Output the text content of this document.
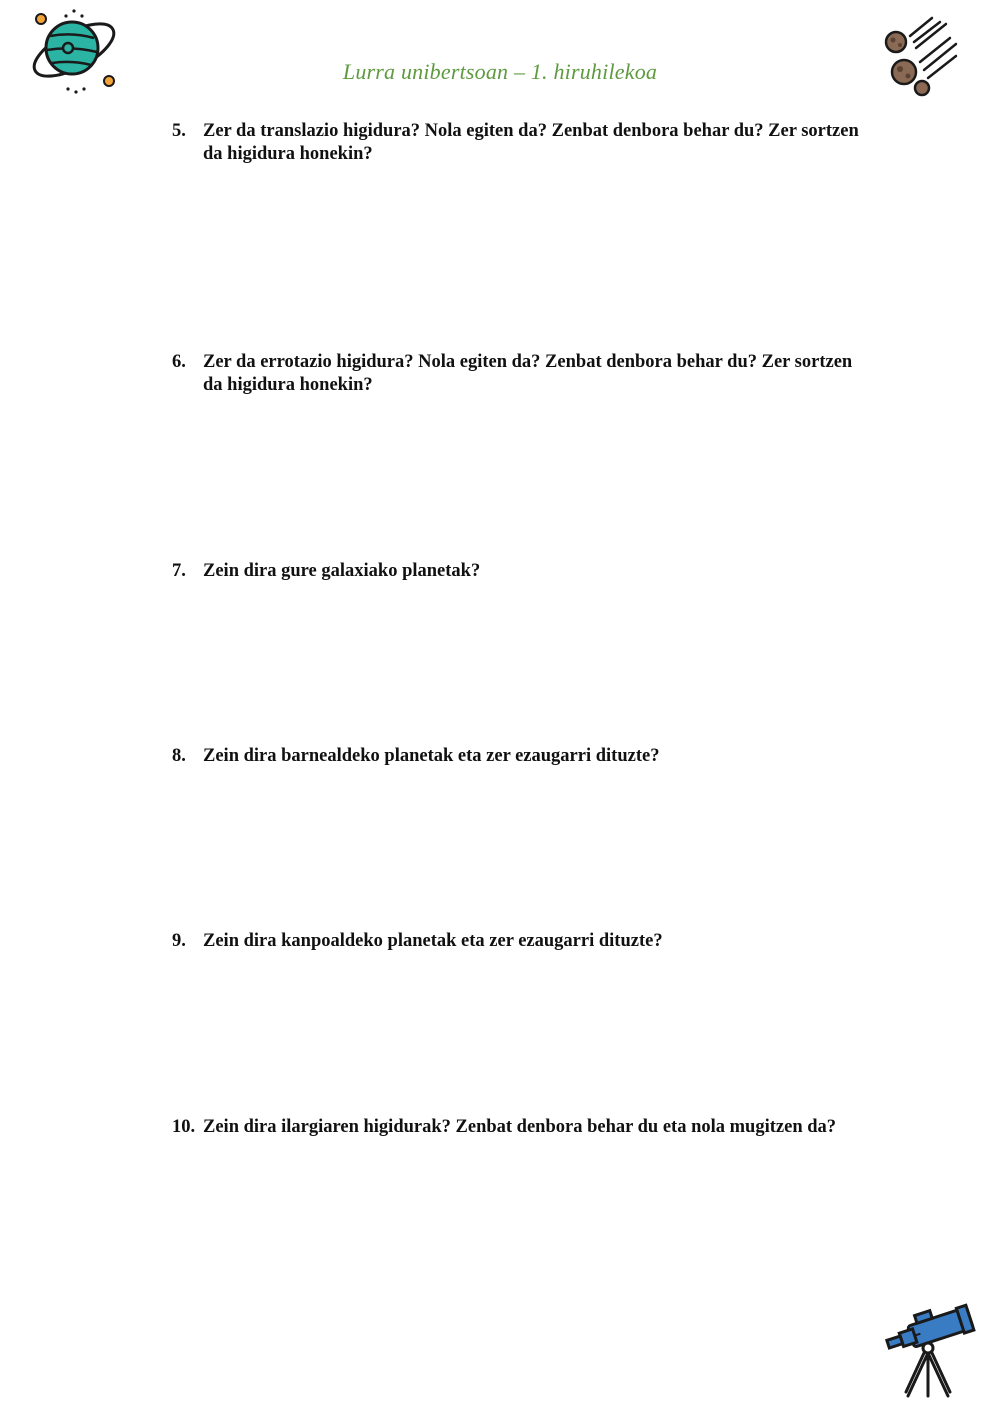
Lurra unibertsoan – 1. hiruhilekoa
5. Zer da translazio higidura? Nola egiten da? Zenbat denbora behar du? Zer sortzen da higidura honekin?
6. Zer da errotazio higidura? Nola egiten da? Zenbat denbora behar du? Zer sortzen da higidura honekin?
7. Zein dira gure galaxiako planetak?
8. Zein dira barnealdeko planetak eta zer ezaugarri dituzte?
9. Zein dira kanpoaldeko planetak eta zer ezaugarri dituzte?
10. Zein dira ilargiaren higidurak? Zenbat denbora behar du eta nola mugitzen da?
